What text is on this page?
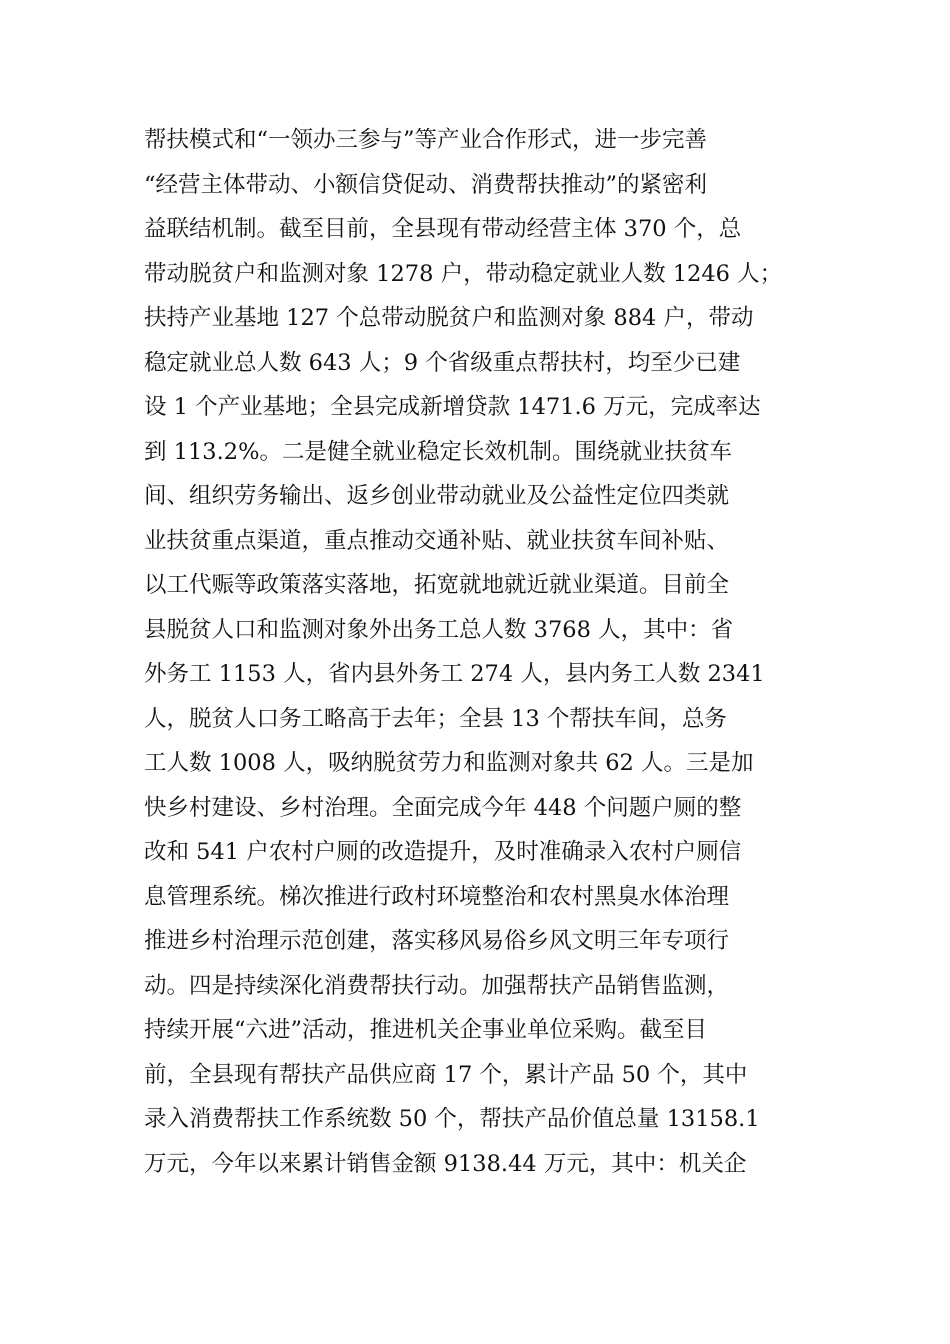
帮扶模式和“一领办三参与”等产业合作形式，进一步完善
“经营主体带动、小额信贷促动、消费帮扶推动”的紧密利
益联结机制。截至目前，全县现有带动经营主体 370 个，总
带动脱贫户和监测对象 1278 户，带动稳定就业人数 1246 人；
扶持产业基地 127 个总带动脱贫户和监测对象 884 户，带动
稳定就业总人数 643 人；9 个省级重点帮扶村，均至少已建
设 1 个产业基地；全县完成新增贷款 1471.6 万元，完成率达
到 113.2%。二是健全就业稳定长效机制。围绕就业扶贫车
间、组织劳务输出、返乡创业带动就业及公益性定位四类就
业扶贫重点渠道，重点推动交通补贴、就业扶贫车间补贴、
以工代赈等政策落实落地，拓宽就地就近就业渠道。目前全
县脱贫人口和监测对象外出务工总人数 3768 人，其中：省
外务工 1153 人，省内县外务工 274 人，县内务工人数 2341
人，脱贫人口务工略高于去年；全县 13 个帮扶车间，总务
工人数 1008 人，吸纳脱贫劳力和监测对象共 62 人。三是加
快乡村建设、乡村治理。全面完成今年 448 个问题户厕的整
改和 541 户农村户厕的改造提升，及时准确录入农村户厕信
息管理系统。梯次推进行政村环境整治和农村黑臭水体治理
推进乡村治理示范创建，落实移风易俗乡风文明三年专项行
动。四是持续深化消费帮扶行动。加强帮扶产品销售监测，
持续开展“六进”活动，推进机关企事业单位采购。截至目
前，全县现有帮扶产品供应商 17 个，累计产品 50 个，其中
录入消费帮扶工作系统数 50 个，帮扶产品价值总量 13158.1
万元，今年以来累计销售金额 9138.44 万元，其中：机关企
